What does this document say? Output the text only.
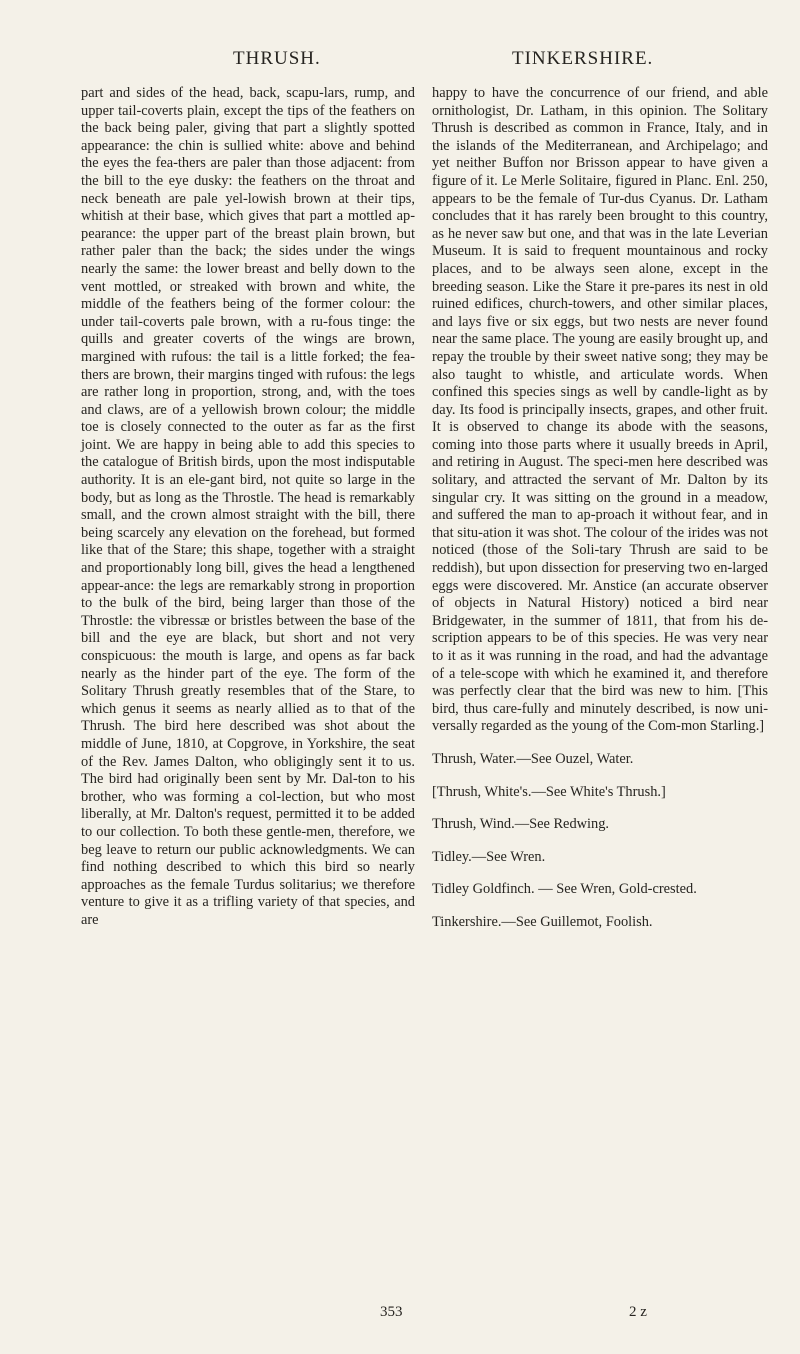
THRUSH.	TINKERSHIRE.

part and sides of the head, back, scapu-lars, rump, and upper tail-coverts plain, except the tips of the feathers on the back being paler, giving that part a slightly spotted appearance: the chin is sullied white: above and behind the eyes the fea-thers are paler than those adjacent: from the bill to the eye dusky: the feathers on the throat and neck beneath are pale yel-lowish brown at their tips, whitish at their base, which gives that part a mottled ap-pearance: the upper part of the breast plain brown, but rather paler than the back; the sides under the wings nearly the same: the lower breast and belly down to the vent mottled, or streaked with brown and white, the middle of the feathers being of the former colour: the under tail-coverts pale brown, with a ru-fous tinge: the quills and greater coverts of the wings are brown, margined with rufous: the tail is a little forked; the fea-thers are brown, their margins tinged with rufous: the legs are rather long in proportion, strong, and, with the toes and claws, are of a yellowish brown colour; the middle toe is closely connected to the outer as far as the first joint. We are happy in being able to add this species to the catalogue of British birds, upon the most indisputable authority. It is an ele-gant bird, not quite so large in the body, but as long as the Throstle. The head is remarkably small, and the crown almost straight with the bill, there being scarcely any elevation on the forehead, but formed like that of the Stare; this shape, together with a straight and proportionably long bill, gives the head a lengthened appear-ance: the legs are remarkably strong in proportion to the bulk of the bird, being larger than those of the Throstle: the vibressæ or bristles between the base of the bill and the eye are black, but short and not very conspicuous: the mouth is large, and opens as far back nearly as the hinder part of the eye. The form of the Solitary Thrush greatly resembles that of the Stare, to which genus it seems as nearly allied as to that of the Thrush. The bird here described was shot about the middle of June, 1810, at Copgrove, in Yorkshire, the seat of the Rev. James Dalton, who obligingly sent it to us. The bird had originally been sent by Mr. Dal-ton to his brother, who was forming a col-lection, but who most liberally, at Mr. Dalton's request, permitted it to be added to our collection. To both these gentle-men, therefore, we beg leave to return our public acknowledgments. We can find nothing described to which this bird so nearly approaches as the female Turdus solitarius; we therefore venture to give it as a trifling variety of that species, and are

happy to have the concurrence of our friend, and able ornithologist, Dr. Latham, in this opinion. The Solitary Thrush is described as common in France, Italy, and in the islands of the Mediterranean, and Archipelago; and yet neither Buffon nor Brisson appear to have given a figure of it. Le Merle Solitaire, figured in Planc. Enl. 250, appears to be the female of Tur-dus Cyanus. Dr. Latham concludes that it has rarely been brought to this country, as he never saw but one, and that was in the late Leverian Museum. It is said to frequent mountainous and rocky places, and to be always seen alone, except in the breeding season. Like the Stare it pre-pares its nest in old ruined edifices, church-towers, and other similar places, and lays five or six eggs, but two nests are never found near the same place. The young are easily brought up, and repay the trouble by their sweet native song; they may be also taught to whistle, and articulate words. When confined this species sings as well by candle-light as by day. Its food is principally insects, grapes, and other fruit. It is observed to change its abode with the seasons, coming into those parts where it usually breeds in April, and retiring in August. The speci-men here described was solitary, and attracted the servant of Mr. Dalton by its singular cry. It was sitting on the ground in a meadow, and suffered the man to ap-proach it without fear, and in that situ-ation it was shot. The colour of the irides was not noticed (those of the Soli-tary Thrush are said to be reddish), but upon dissection for preserving two en-larged eggs were discovered. Mr. Anstice (an accurate observer of objects in Natural History) noticed a bird near Bridgewater, in the summer of 1811, that from his de-scription appears to be of this species. He was very near to it as it was running in the road, and had the advantage of a tele-scope with which he examined it, and therefore was perfectly clear that the bird was new to him. [This bird, thus care-fully and minutely described, is now uni-versally regarded as the young of the Com-mon Starling.]

Thrush, Water.—See Ouzel, Water.

[Thrush, White's.—See White's Thrush.]

Thrush, Wind.—See Redwing.

Tidley.—See Wren.

Tidley Goldfinch. — See Wren, Gold-crested.

Tinkershire.—See Guillemot, Foolish.

353	2 z
